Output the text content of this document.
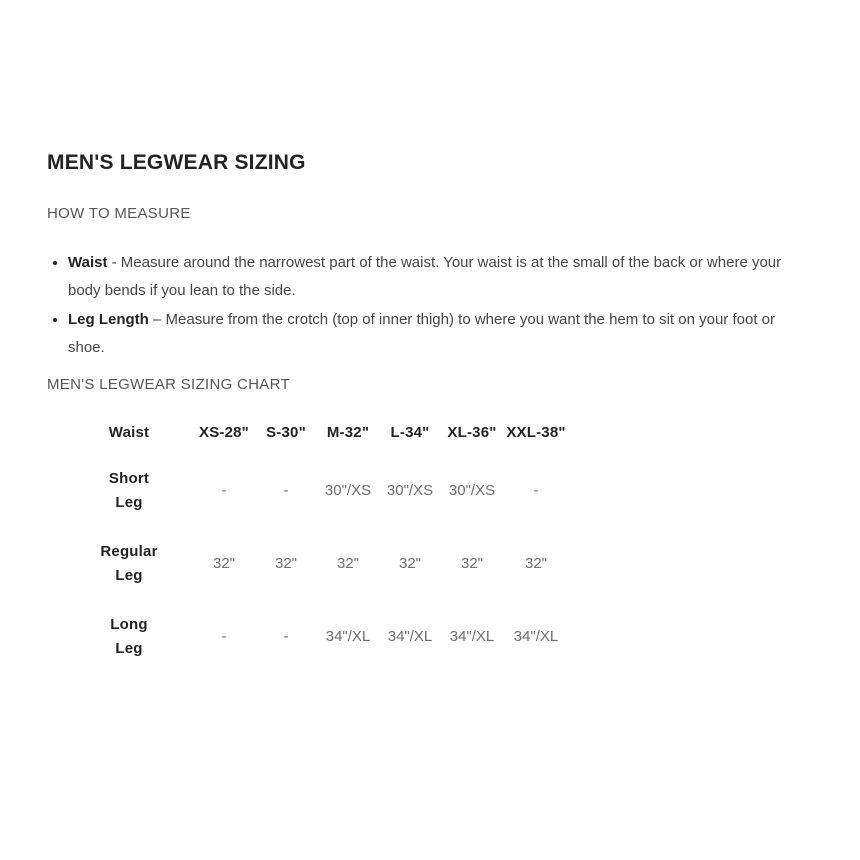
MEN'S LEGWEAR SIZING
HOW TO MEASURE
• Waist - Measure around the narrowest part of the waist. Your waist is at the small of the back or where your body bends if you lean to the side.
• Leg Length – Measure from the crotch (top of inner thigh) to where you want the hem to sit on your foot or shoe.
MEN'S LEGWEAR SIZING CHART
Waist	XS-28"	S-30"	M-32"	L-34"	XL-36"	XXL-38"

Short
Leg	-	-	30"/XS	30"/XS	30"/XS	-

Regular
Leg	32"	32"	32"	32"	32"	32"

Long
Leg	-	-	34"/XL	34"/XL	34"/XL	34"/XL
